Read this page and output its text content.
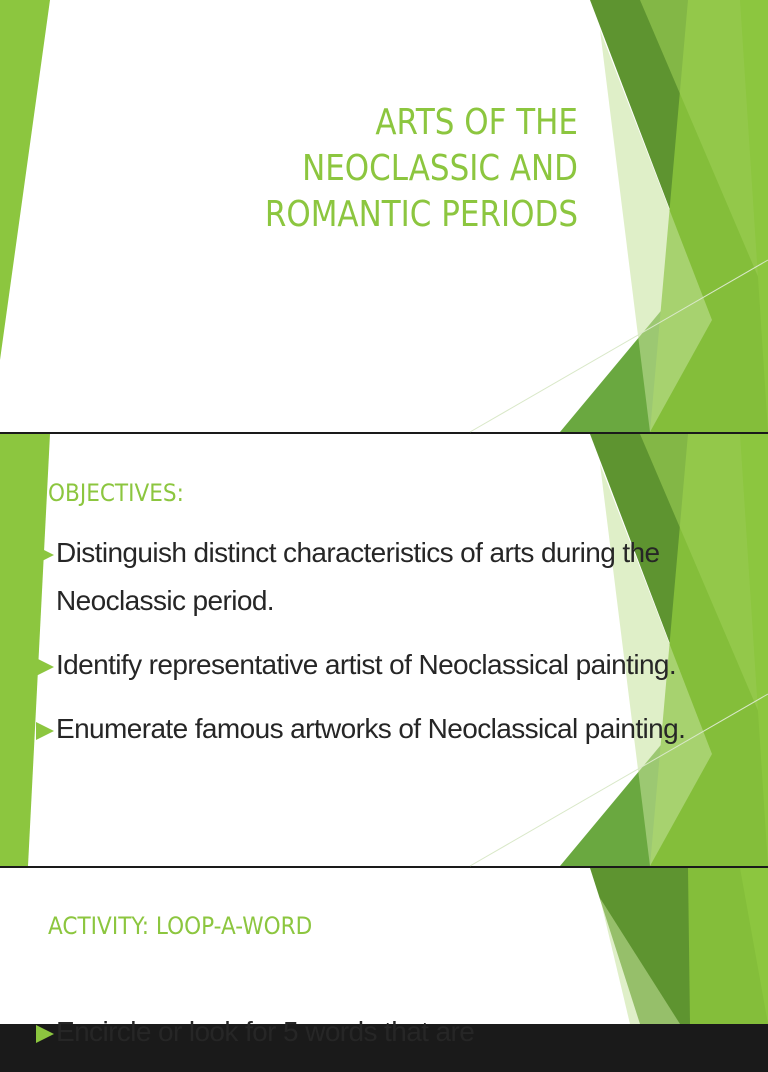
ARTS OF THE
NEOCLASSIC AND
ROMANTIC PERIODS
OBJECTIVES:
Distinguish distinct characteristics of arts during the Neoclassic period.
Identify representative artist of Neoclassical painting.
Enumerate famous artworks of Neoclassical painting.
ACTIVITY: LOOP-A-WORD
Encircle or look for 5 words that are
